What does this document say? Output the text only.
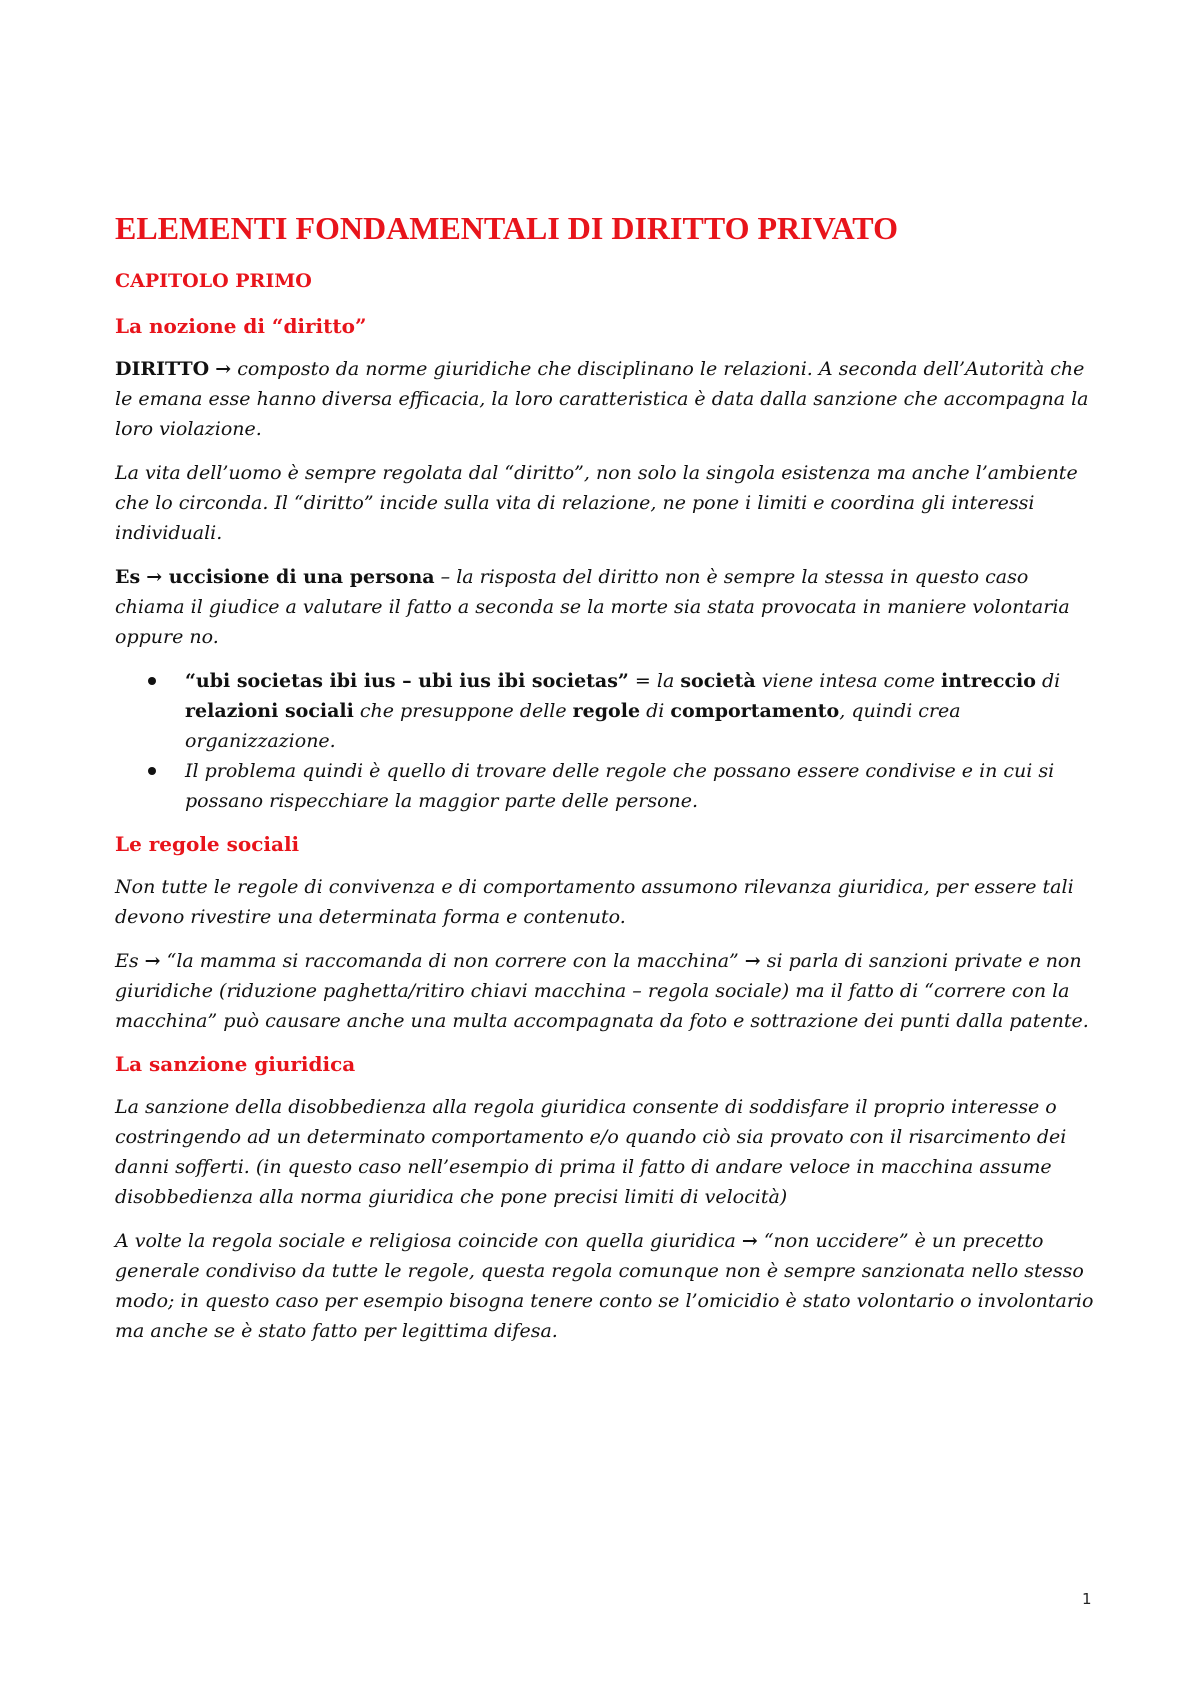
ELEMENTI FONDAMENTALI DI DIRITTO PRIVATO
CAPITOLO PRIMO
La nozione di “diritto”

DIRITTO → composto da norme giuridiche che disciplinano le relazioni. A seconda dell’Autorità che le emana esse hanno diversa efficacia, la loro caratteristica è data dalla sanzione che accompagna la loro violazione.

La vita dell’uomo è sempre regolata dal “diritto”, non solo la singola esistenza ma anche l’ambiente che lo circonda. Il “diritto” incide sulla vita di relazione, ne pone i limiti e coordina gli interessi individuali.

Es → uccisione di una persona – la risposta del diritto non è sempre la stessa in questo caso chiama il giudice a valutare il fatto a seconda se la morte sia stata provocata in maniere volontaria oppure no.

“ubi societas ibi ius – ubi ius ibi societas” = la società viene intesa come intreccio di relazioni sociali che presuppone delle regole di comportamento, quindi crea organizzazione.
Il problema quindi è quello di trovare delle regole che possano essere condivise e in cui si possano rispecchiare la maggior parte delle persone.
Le regole sociali

Non tutte le regole di convivenza e di comportamento assumono rilevanza giuridica, per essere tali devono rivestire una determinata forma e contenuto.

Es → “la mamma si raccomanda di non correre con la macchina” → si parla di sanzioni private e non giuridiche (riduzione paghetta/ritiro chiavi macchina – regola sociale) ma il fatto di “correre con la macchina” può causare anche una multa accompagnata da foto e sottrazione dei punti dalla patente.

La sanzione giuridica

La sanzione della disobbedienza alla regola giuridica consente di soddisfare il proprio interesse o costringendo ad un determinato comportamento e/o quando ciò sia provato con il risarcimento dei danni sofferti. (in questo caso nell’esempio di prima il fatto di andare veloce in macchina assume disobbedienza alla norma giuridica che pone precisi limiti di velocità)

A volte la regola sociale e religiosa coincide con quella giuridica → “non uccidere” è un precetto generale condiviso da tutte le regole, questa regola comunque non è sempre sanzionata nello stesso modo; in questo caso per esempio bisogna tenere conto se l’omicidio è stato volontario o involontario ma anche se è stato fatto per legittima difesa.

1
